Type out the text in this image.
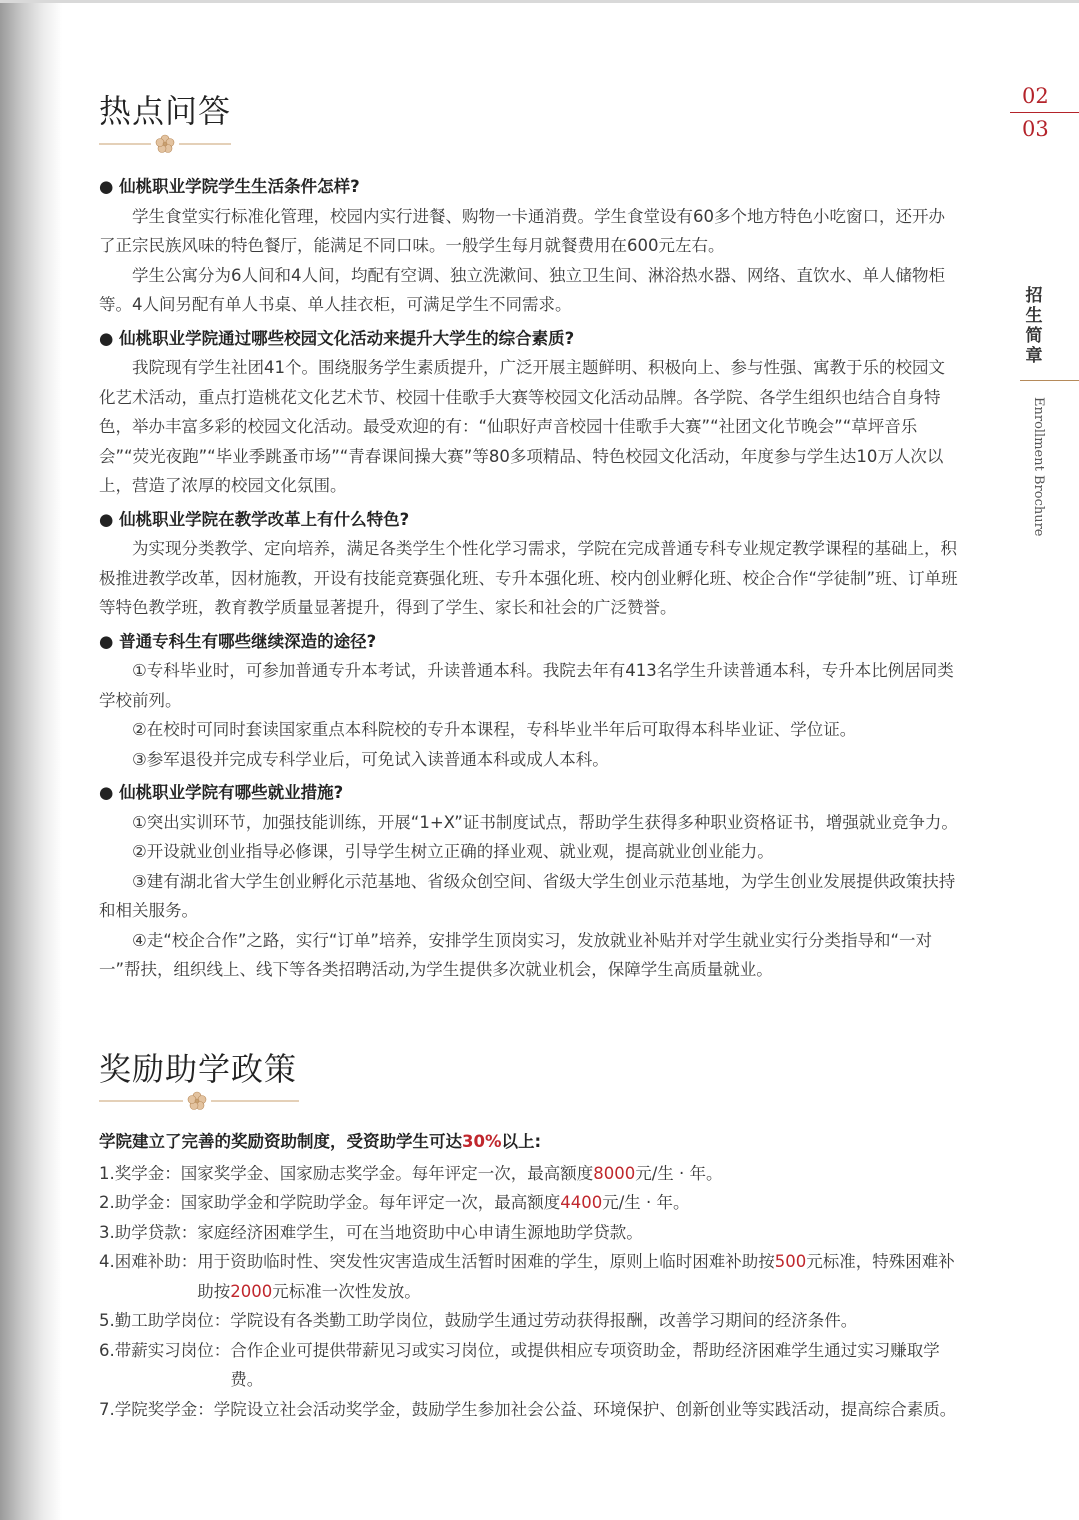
02
03
招生简章
Enrollment Brochure
热点问答

● 仙桃职业学院学生生活条件怎样?

学生食堂实行标准化管理，校园内实行进餐、购物一卡通消费。学生食堂设有60多个地方特色小吃窗口，还开办了正宗民族风味的特色餐厅，能满足不同口味。一般学生每月就餐费用在600元左右。

学生公寓分为6人间和4人间，均配有空调、独立洗漱间、独立卫生间、淋浴热水器、网络、直饮水、单人储物柜等。4人间另配有单人书桌、单人挂衣柜，可满足学生不同需求。

● 仙桃职业学院通过哪些校园文化活动来提升大学生的综合素质?

我院现有学生社团41个。围绕服务学生素质提升，广泛开展主题鲜明、积极向上、参与性强、寓教于乐的校园文化艺术活动，重点打造桃花文化艺术节、校园十佳歌手大赛等校园文化活动品牌。各学院、各学生组织也结合自身特色，举办丰富多彩的校园文化活动。最受欢迎的有：“仙职好声音校园十佳歌手大赛”“社团文化节晚会”“草坪音乐会”“荧光夜跑”“毕业季跳蚤市场”“青春课间操大赛”等80多项精品、特色校园文化活动，年度参与学生达10万人次以上，营造了浓厚的校园文化氛围。

● 仙桃职业学院在教学改革上有什么特色?

为实现分类教学、定向培养，满足各类学生个性化学习需求，学院在完成普通专科专业规定教学课程的基础上，积极推进教学改革，因材施教，开设有技能竞赛强化班、专升本强化班、校内创业孵化班、校企合作“学徒制”班、订单班等特色教学班，教育教学质量显著提升，得到了学生、家长和社会的广泛赞誉。

● 普通专科生有哪些继续深造的途径?

①专科毕业时，可参加普通专升本考试，升读普通本科。我院去年有413名学生升读普通本科，专升本比例居同类学校前列。

②在校时可同时套读国家重点本科院校的专升本课程，专科毕业半年后可取得本科毕业证、学位证。

③参军退役并完成专科学业后，可免试入读普通本科或成人本科。

● 仙桃职业学院有哪些就业措施?

①突出实训环节，加强技能训练，开展“1+X”证书制度试点，帮助学生获得多种职业资格证书，增强就业竞争力。

②开设就业创业指导必修课，引导学生树立正确的择业观、就业观，提高就业创业能力。

③建有湖北省大学生创业孵化示范基地、省级众创空间、省级大学生创业示范基地，为学生创业发展提供政策扶持和相关服务。

④走“校企合作”之路，实行“订单”培养，安排学生顶岗实习，发放就业补贴并对学生就业实行分类指导和“一对一”帮扶，组织线上、线下等各类招聘活动,为学生提供多次就业机会，保障学生高质量就业。

奖励助学政策

学院建立了完善的奖励资助制度，受资助学生可达30%以上:

1.奖学金： 国家奖学金、国家励志奖学金。每年评定一次，最高额度8000元/生 · 年。
2.助学金： 国家助学金和学院助学金。每年评定一次，最高额度4400元/生 · 年。
3.助学贷款： 家庭经济困难学生，可在当地资助中心申请生源地助学贷款。
4.困难补助： 用于资助临时性、突发性灾害造成生活暂时困难的学生，原则上临时困难补助按500元标准，特殊困难补助按2000元标准一次性发放。
5.勤工助学岗位： 学院设有各类勤工助学岗位，鼓励学生通过劳动获得报酬，改善学习期间的经济条件。
6.带薪实习岗位： 合作企业可提供带薪见习或实习岗位，或提供相应专项资助金，帮助经济困难学生通过实习赚取学费。
7.学院奖学金： 学院设立社会活动奖学金，鼓励学生参加社会公益、环境保护、创新创业等实践活动，提高综合素质。
